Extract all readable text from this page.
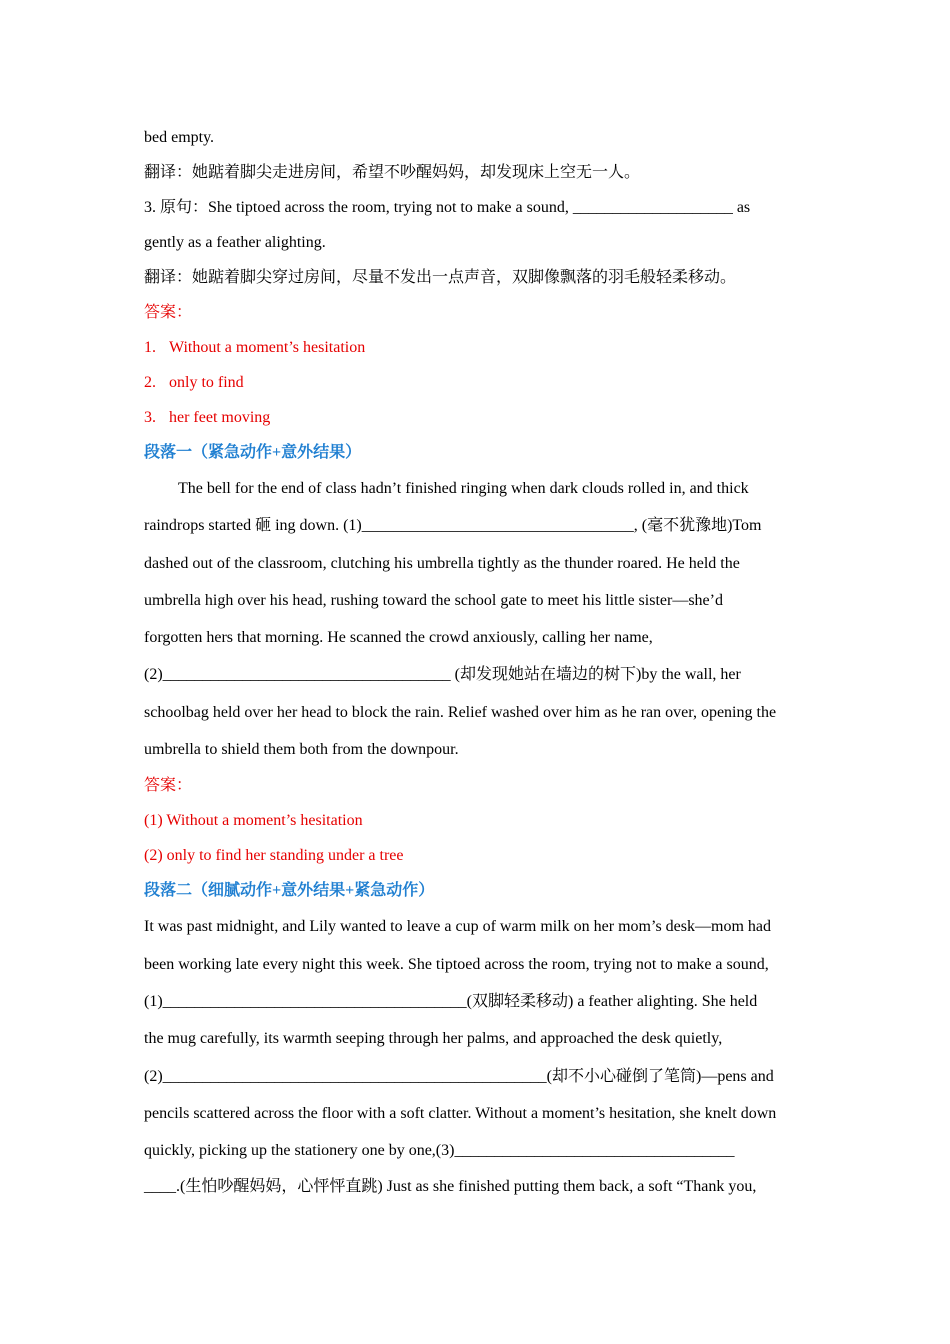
bed empty.
翻译：她踮着脚尖走进房间，希望不吵醒妈妈，却发现床上空无一人。
3. 原句：She tiptoed across the room, trying not to make a sound, ____________________ as
gently as a feather alighting.
翻译：她踮着脚尖穿过房间，尽量不发出一点声音，双脚像飘落的羽毛般轻柔移动。
答案：
1. Without a moment’s hesitation
2. only to find
3. her feet moving
段落一（紧急动作+意外结果）
The bell for the end of class hadn’t finished ringing when dark clouds rolled in, and thick
raindrops started 砸 ing down. (1)__________________________________, (毫不犹豫地)Tom
dashed out of the classroom, clutching his umbrella tightly as the thunder roared. He held the
umbrella high over his head, rushing toward the school gate to meet his little sister—she’d
forgotten hers that morning. He scanned the crowd anxiously, calling her name,
(2)____________________________________ (却发现她站在墙边的树下)by the wall, her
schoolbag held over her head to block the rain. Relief washed over him as he ran over, opening the
umbrella to shield them both from the downpour.
答案：
(1) Without a moment’s hesitation
(2) only to find her standing under a tree
段落二（细腻动作+意外结果+紧急动作）
It was past midnight, and Lily wanted to leave a cup of warm milk on her mom’s desk—mom had
been working late every night this week. She tiptoed across the room, trying not to make a sound,
(1)______________________________________(双脚轻柔移动) a feather alighting. She held
the mug carefully, its warmth seeping through her palms, and approached the desk quietly,
(2)________________________________________________(却不小心碰倒了笔筒)—pens and
pencils scattered across the floor with a soft clatter. Without a moment’s hesitation, she knelt down
quickly, picking up the stationery one by one,(3)___________________________________
____.(生怕吵醒妈妈，心怦怦直跳) Just as she finished putting them back, a soft “Thank you,
